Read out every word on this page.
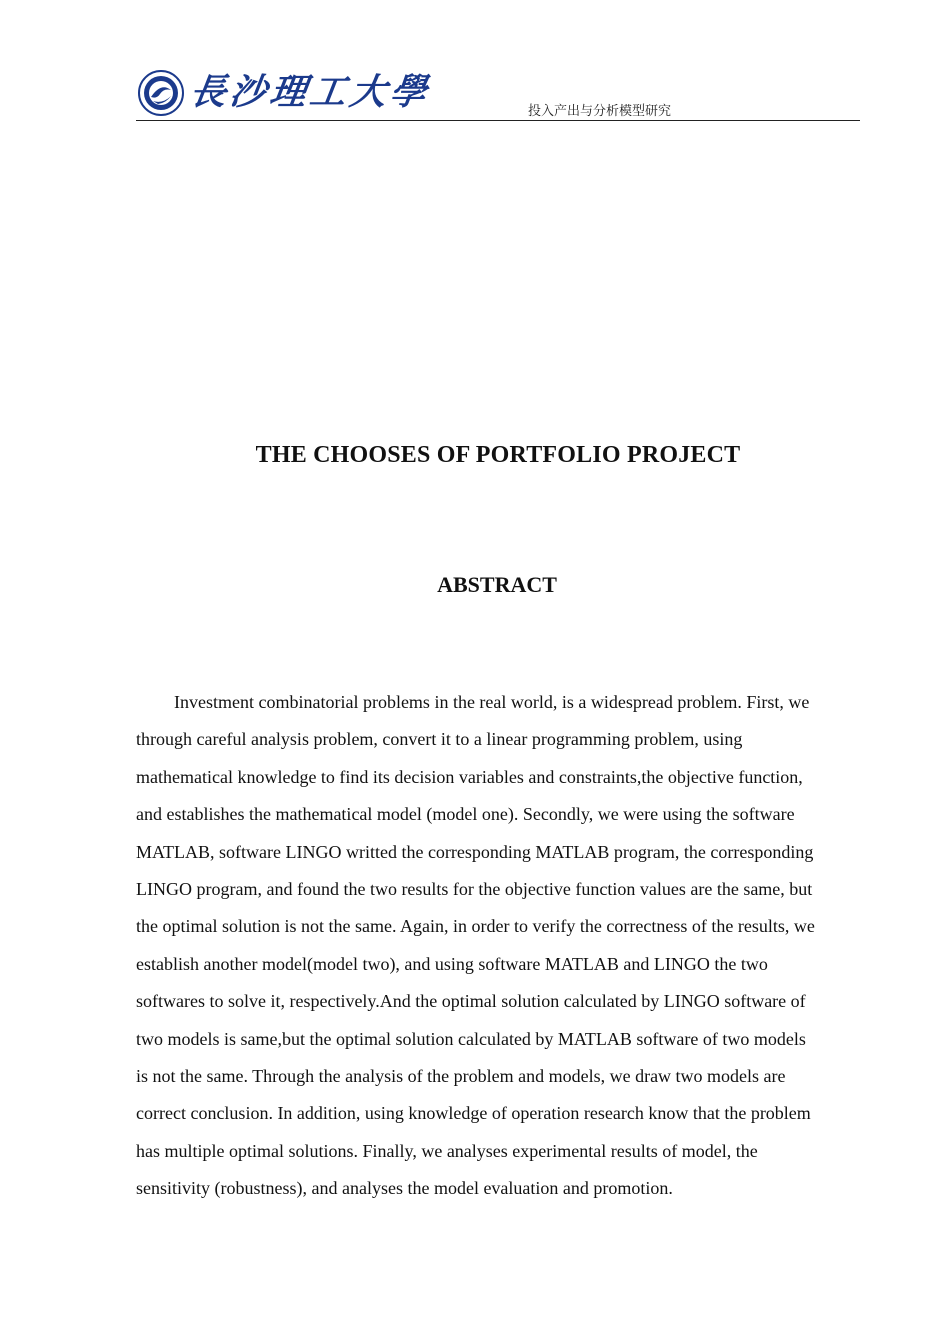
長沙理工大學	投入产出与分析模型研究
THE CHOOSES OF PORTFOLIO PROJECT
ABSTRACT
Investment combinatorial problems in the real world, is a widespread problem. First, we
through careful analysis problem, convert it to a linear programming problem, using
mathematical knowledge to find its decision variables and constraints,the objective function,
and establishes the mathematical model (model one). Secondly, we were using the software
MATLAB, software LINGO writted the corresponding MATLAB program, the corresponding
LINGO program, and found the two results for the objective function values are the same, but
the optimal solution is not the same. Again, in order to verify the correctness of the results, we
establish another model(model two), and using software MATLAB and LINGO the two
softwares to solve it, respectively.And the optimal solution calculated by LINGO software of
two models is same,but the optimal solution calculated by MATLAB software of two models
is not the same. Through the analysis of the problem and models, we draw two models are
correct conclusion. In addition, using knowledge of operation research know that the problem
has multiple optimal solutions. Finally, we analyses experimental results of model, the
sensitivity (robustness), and analyses the model evaluation and promotion.
